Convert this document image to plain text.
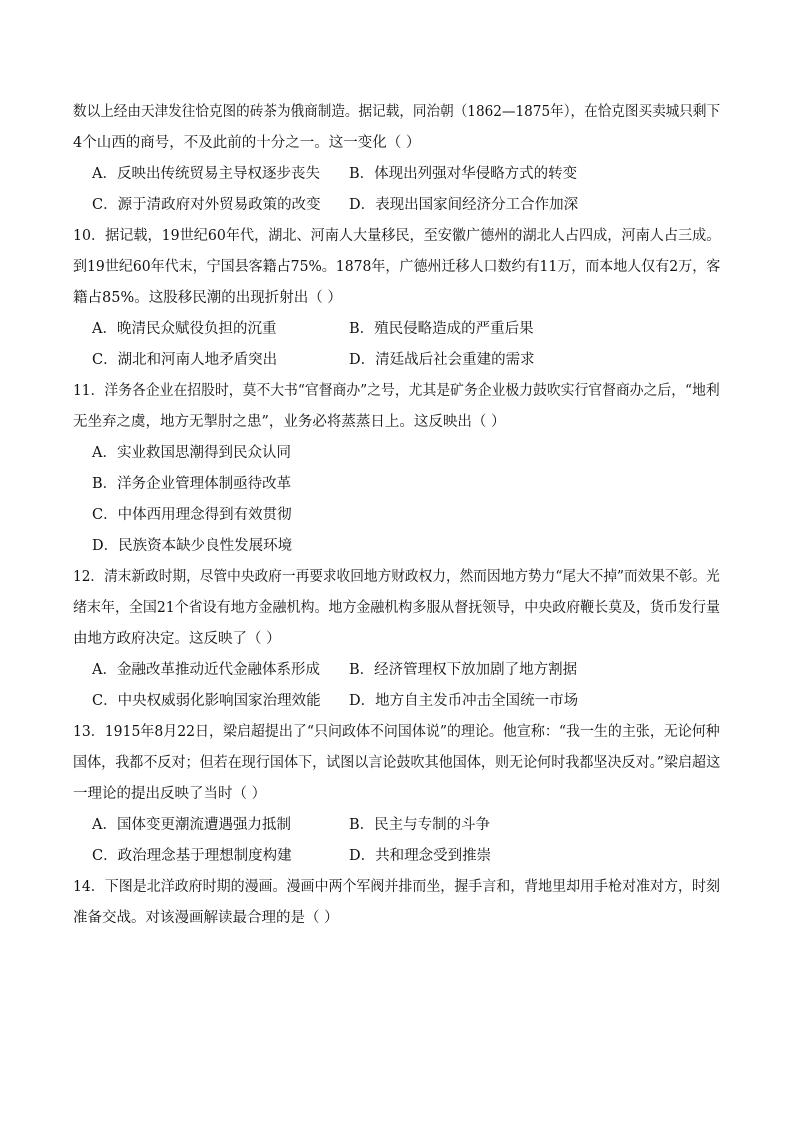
数以上经由天津发往恰克图的砖茶为俄商制造。据记载，同治朝（1862—1875年），在恰克图买卖城只剩下
4个山西的商号，不及此前的十分之一。这一变化（ ）
A．反映出传统贸易主导权逐步丧失 B．体现出列强对华侵略方式的转变
C．源于清政府对外贸易政策的改变 D．表现出国家间经济分工合作加深
10．据记载，19世纪60年代，湖北、河南人大量移民，至安徽广德州的湖北人占四成，河南人占三成。
到19世纪60年代末，宁国县客籍占75%。1878年，广德州迁移人口数约有11万，而本地人仅有2万，客
籍占85%。这股移民潮的出现折射出（ ）
A．晚清民众赋役负担的沉重	B．殖民侵略造成的严重后果
C．湖北和河南人地矛盾突出	D．清廷战后社会重建的需求
11．洋务各企业在招股时，莫不大书“官督商办”之号，尤其是矿务企业极力鼓吹实行官督商办之后，“地利
无坐弃之虞，地方无掣肘之患”，业务必将蒸蒸日上。这反映出（ ）
A．实业救国思潮得到民众认同
B．洋务企业管理体制亟待改革
C．中体西用理念得到有效贯彻
D．民族资本缺少良性发展环境
12．清末新政时期，尽管中央政府一再要求收回地方财政权力，然而因地方势力“尾大不掉”而效果不彰。光
绪末年，全国21个省设有地方金融机构。地方金融机构多服从督抚领导，中央政府鞭长莫及，货币发行量
由地方政府决定。这反映了（ ）
A．金融改革推动近代金融体系形成 B．经济管理权下放加剧了地方割据
C．中央权威弱化影响国家治理效能 D．地方自主发币冲击全国统一市场
13．1915年8月22日，梁启超提出了“只问政体不问国体说”的理论。他宣称：“我一生的主张，无论何种
国体，我都不反对；但若在现行国体下，试图以言论鼓吹其他国体，则无论何时我都坚决反对。”梁启超这
一理论的提出反映了当时（ ）
A．国体变更潮流遭遇强力抵制	B．民主与专制的斗争
C．政治理念基于理想制度构建	D．共和理念受到推崇
14．下图是北洋政府时期的漫画。漫画中两个军阀并排而坐，握手言和，背地里却用手枪对准对方，时刻
准备交战。对该漫画解读最合理的是（ ）
